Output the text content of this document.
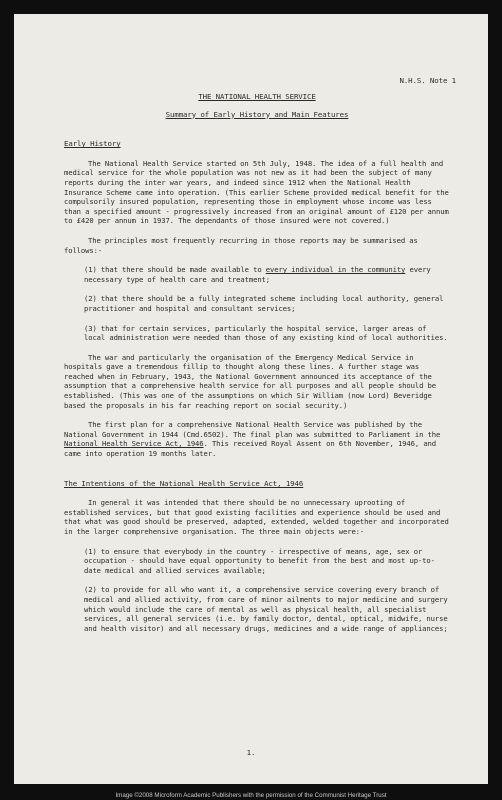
N.H.S. Note 1
THE NATIONAL HEALTH SERVICE
Summary of Early History and Main Features
Early History

The National Health Service started on 5th July, 1948. The idea of a full health and medical service for the whole population was not new as it had been the subject of many reports during the inter war years, and indeed since 1912 when the National Health Insurance Scheme came into operation. (This earlier Scheme provided medical benefit for the compulsorily insured population, representing those in employment whose income was less than a specified amount - progressively increased from an original amount of £120 per annum to £420 per annum in 1937. The dependants of those insured were not covered.)

The principles most frequently recurring in those reports may be summarised as follows:-

(1) that there should be made available to every individual in the community every necessary type of health care and treatment;

(2) that there should be a fully integrated scheme including local authority, general practitioner and hospital and consultant services;

(3) that for certain services, particularly the hospital service, larger areas of local administration were needed than those of any existing kind of local authorities.

The war and particularly the organisation of the Emergency Medical Service in hospitals gave a tremendous fillip to thought along these lines. A further stage was reached when in February, 1943, the National Government announced its acceptance of the assumption that a comprehensive health service for all purposes and all people should be established. (This was one of the assumptions on which Sir William (now Lord) Beveridge based the proposals in his far reaching report on social security.)

The first plan for a comprehensive National Health Service was published by the National Government in 1944 (Cmd.6502). The final plan was submitted to Parliament in the National Health Service Act, 1946. This received Royal Assent on 6th November, 1946, and came into operation 19 months later.

The Intentions of the National Health Service Act, 1946

In general it was intended that there should be no unnecessary uprooting of established services, but that good existing facilities and experience should be used and that what was good should be preserved, adapted, extended, welded together and incorporated in the larger comprehensive organisation. The three main objects were:-

(1) to ensure that everybody in the country - irrespective of means, age, sex or occupation - should have equal opportunity to benefit from the best and most up-to-date medical and allied services available;

(2) to provide for all who want it, a comprehensive service covering every branch of medical and allied activity, from care of minor ailments to major medicine and surgery which would include the care of mental as well as physical health, all specialist services, all general services (i.e. by family doctor, dental, optical, midwife, nurse and health visitor) and all necessary drugs, medicines and a wide range of appliances;

1.
Image ©2008 Microform Academic Publishers with the permission of the Communist Heritage Trust
